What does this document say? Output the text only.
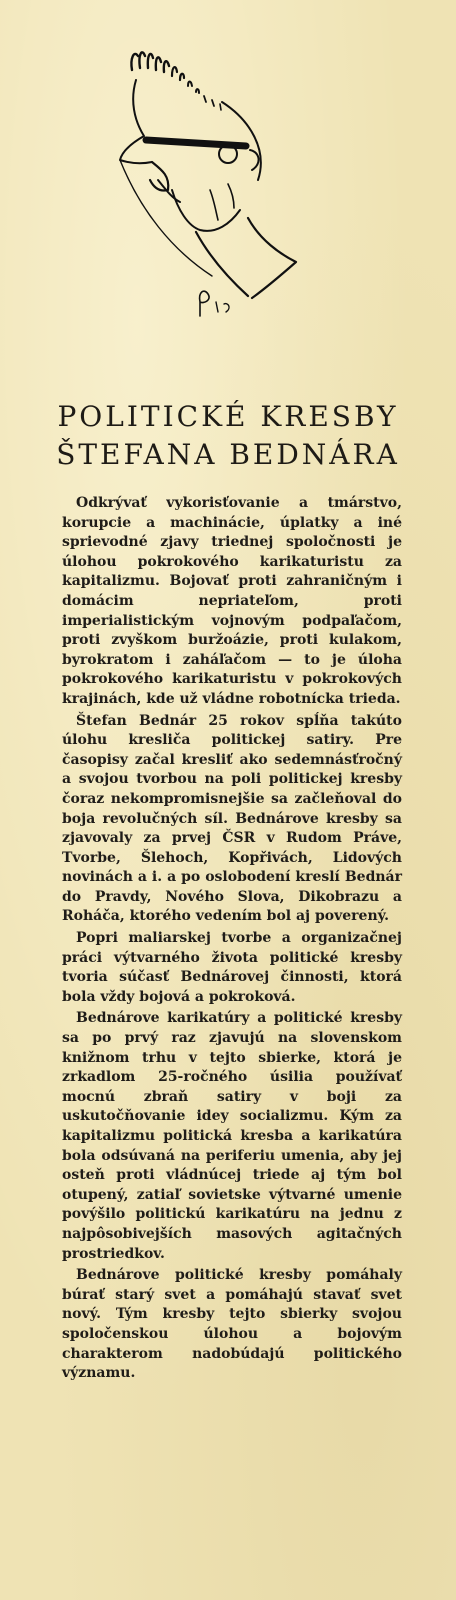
POLITICKÉ KRESBY
ŠTEFANA BEDNÁRA

Odkrývať vykorisťovanie a tmárstvo, korupcie a machinácie, úplatky a iné sprievodné zjavy triednej spoločnosti je úlohou pokrokového karikaturistu za kapitalizmu. Bojovať proti zahraničným i domácim nepriateľom, proti imperialistickým vojnovým podpaľačom, proti zvyškom buržoázie, proti kulakom, byrokratom i zaháľačom — to je úloha pokrokového karikaturistu v pokrokových krajinách, kde už vládne robotnícka trieda.

Štefan Bednár 25 rokov spĺňa takúto úlohu kresliča politickej satiry. Pre časopisy začal kresliť ako sedemnásťročný a svojou tvorbou na poli politickej kresby čoraz nekompromisnejšie sa začleňoval do boja revolučných síl. Bednárove kresby sa zjavovaly za prvej ČSR v Rudom Právе, Tvorbe, Šlehoch, Kopřivách, Lidových novinách a i. a po oslobodení kreslí Bednár do Pravdy, Nového Slova, Dikobrazu a Roháča, ktorého vedením bol aj poverený.

Popri maliarskej tvorbe a organizačnej práci výtvarného života politické kresby tvoria súčasť Bednárovej činnosti, ktorá bola vždy bojová a pokroková.

Bednárove karikatúry a politické kresby sa po prvý raz zjavujú na slovenskom knižnom trhu v tejto sbierke, ktorá je zrkadlom 25-ročného úsilia používať mocnú zbraň satiry v boji za uskutočňovanie idey socializmu. Kým za kapitalizmu politická kresba a karikatúra bola odsúvaná na periferiu umenia, aby jej osteň proti vládnúcej triede aj tým bol otupený, zatiaľ sovietske výtvarné umenie povýšilo politickú karikatúru na jednu z najpôsobivejších masových agitačných prostriedkov.

Bednárove politické kresby pomáhaly búrať starý svet a pomáhajú stavať svet nový. Tým kresby tejto sbierky svojou spoločenskou úlohou a bojovým charakterom nadobúdajú politického významu.
